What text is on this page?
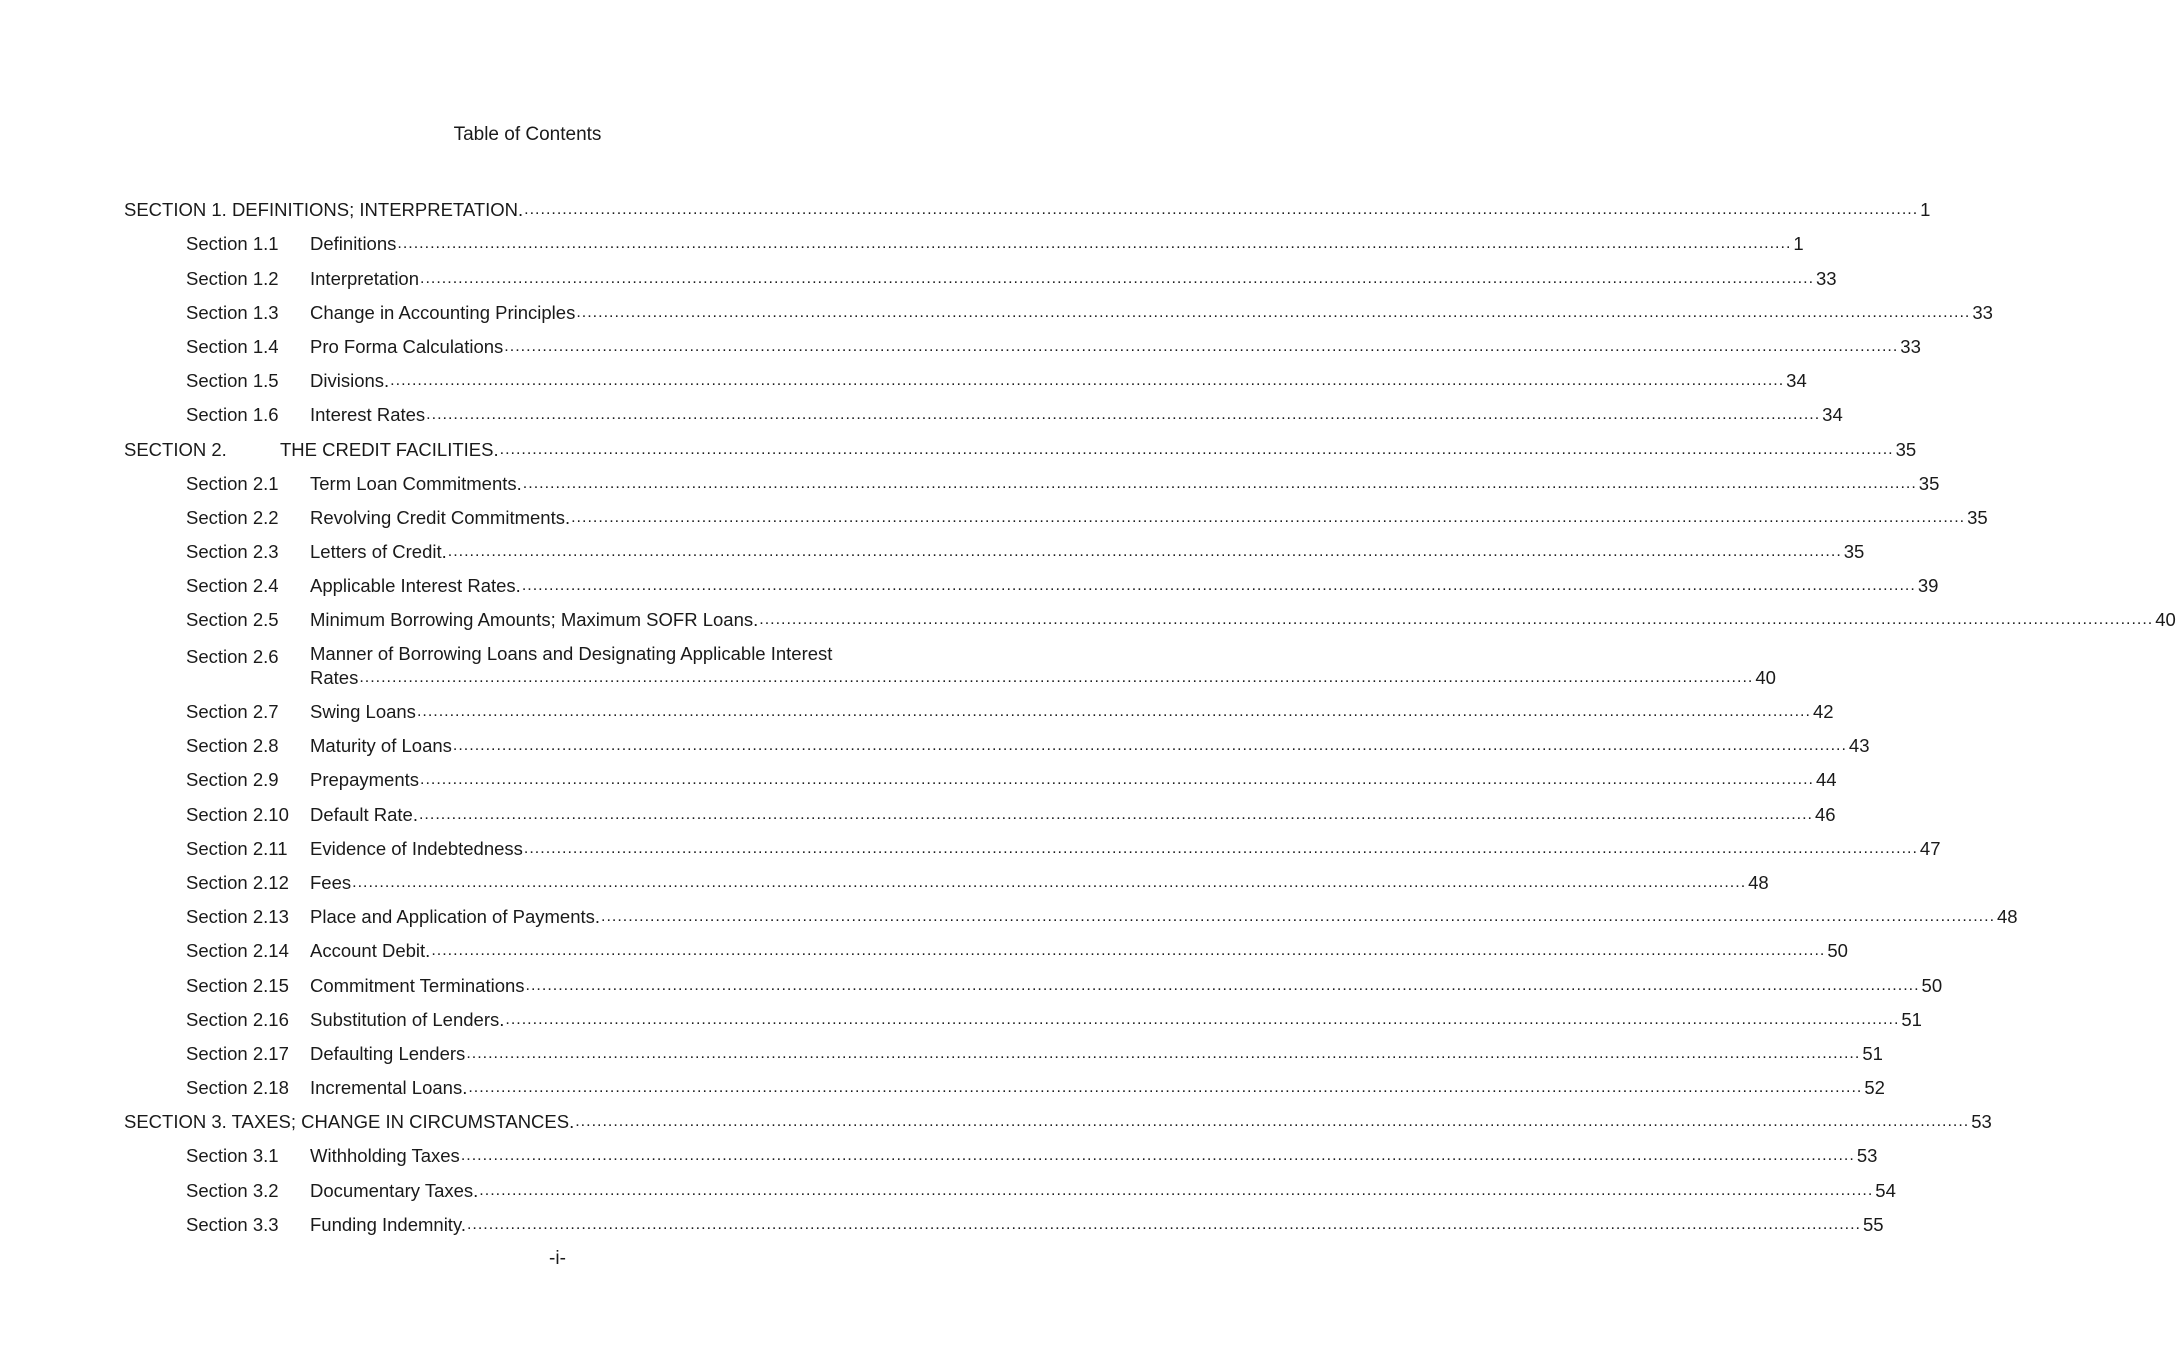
Table of Contents
SECTION 1. DEFINITIONS; INTERPRETATION. .....	1
Section 1.1	Definitions .....	1
Section 1.2	Interpretation .....	33
Section 1.3	Change in Accounting Principles .....	33
Section 1.4	Pro Forma Calculations .....	33
Section 1.5	Divisions. .....	34
Section 1.6	Interest Rates .....	34
SECTION 2.	THE CREDIT FACILITIES. .....	35
Section 2.1	Term Loan Commitments. .....	35
Section 2.2	Revolving Credit Commitments. .....	35
Section 2.3	Letters of Credit. .....	35
Section 2.4	Applicable Interest Rates. .....	39
Section 2.5	Minimum Borrowing Amounts; Maximum SOFR Loans. .....	40
Section 2.6	Manner of Borrowing Loans and Designating Applicable Interest
Rates .....	40
Section 2.7	Swing Loans .....	42
Section 2.8	Maturity of Loans .....	43
Section 2.9	Prepayments .....	44
Section 2.10	Default Rate. .....	46
Section 2.11	Evidence of Indebtedness .....	47
Section 2.12	Fees .....	48
Section 2.13	Place and Application of Payments. .....	48
Section 2.14	Account Debit. .....	50
Section 2.15	Commitment Terminations .....	50
Section 2.16	Substitution of Lenders. .....	51
Section 2.17	Defaulting Lenders .....	51
Section 2.18	Incremental Loans. .....	52
SECTION 3. TAXES; CHANGE IN CIRCUMSTANCES. .....	53
Section 3.1	Withholding Taxes .....	53
Section 3.2	Documentary Taxes. .....	54
Section 3.3	Funding Indemnity. .....	55
-i-
